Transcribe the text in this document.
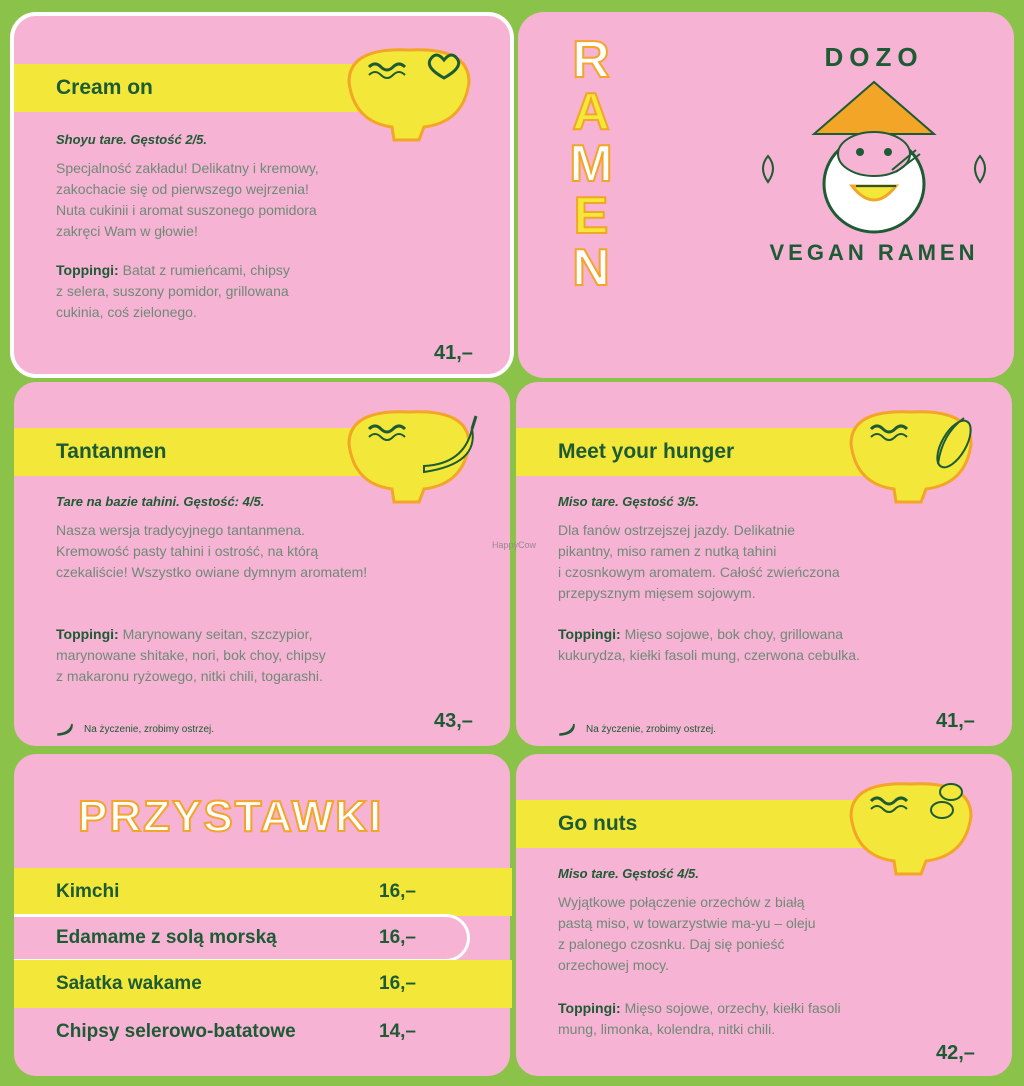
Cream on
Shoyu tare. Gęstość 2/5.
Specjalność zakładu! Delikatny i kremowy,
zakochacie się od pierwszego wejrzenia!
Nuta cukinii i aromat suszonego pomidora
zakręci Wam w głowie!
Toppingi: Batat z rumieńcami, chipsy
z selera, suszony pomidor, grillowana
cukinia, coś zielonego.
41,–
R
A
M
E
N
DOZO
VEGAN RAMEN
Tantanmen
Tare na bazie tahini. Gęstość: 4/5.
Nasza wersja tradycyjnego tantanmena.
Kremowość pasty tahini i ostrość, na którą
czekaliście! Wszystko owiane dymnym aromatem!
Toppingi: Marynowany seitan, szczypior,
marynowane shitake, nori, bok choy, chipsy
z makaronu ryżowego, nitki chili, togarashi.
Na życzenie, zrobimy ostrzej.	43,–
Meet your hunger
Miso tare. Gęstość 3/5.
Dla fanów ostrzejszej jazdy. Delikatnie
pikantny, miso ramen z nutką tahini
i czosnkowym aromatem. Całość zwieńczona
przepysznym mięsem sojowym.
HappyCow
Toppingi: Mięso sojowe, bok choy, grillowana
kukurydza, kiełki fasoli mung, czerwona cebulka.
Na życzenie, zrobimy ostrzej.	41,–
PRZYSTAWKI
Kimchi	16,–
Edamame z solą morską	16,–
Sałatka wakame	16,–
Chipsy selerowo-batatowe	14,–
Go nuts
Miso tare. Gęstość 4/5.
Wyjątkowe połączenie orzechów z białą
pastą miso, w towarzystwie ma-yu – oleju
z palonego czosnku. Daj się ponieść
orzechowej mocy.
Toppingi: Mięso sojowe, orzechy, kiełki fasoli
mung, limonka, kolendra, nitki chili.
42,–
